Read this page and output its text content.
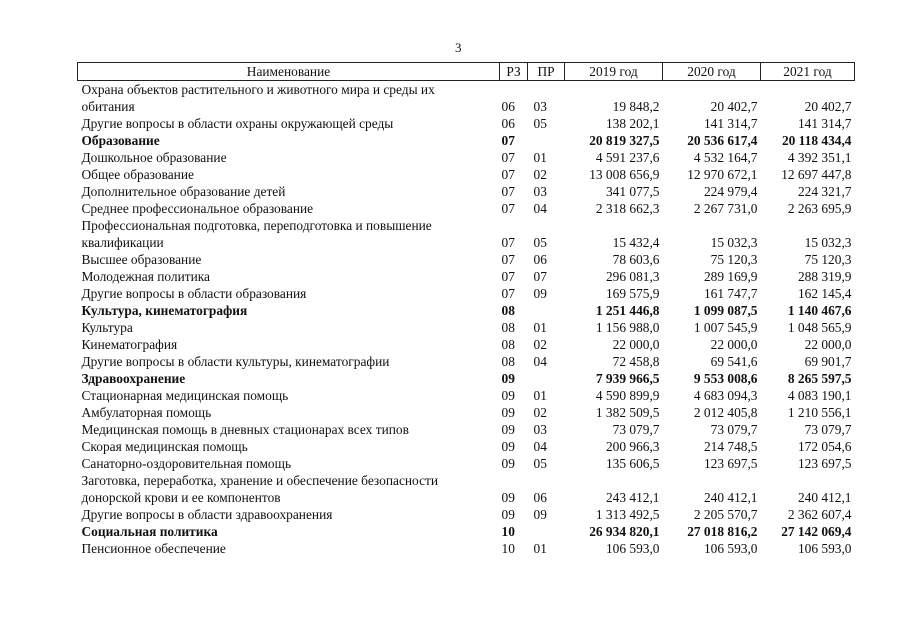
3
Наименование	РЗ	ПР	2019 год	2020 год	2021 год

Охрана объектов растительного и животного мира и среды их
обитания	06	03	19 848,2	20 402,7	20 402,7

Другие вопросы в области охраны окружающей среды	06	05	138 202,1	141 314,7	141 314,7

Образование	07		20 819 327,5	20 536 617,4	20 118 434,4

Дошкольное образование	07	01	4 591 237,6	4 532 164,7	4 392 351,1

Общее образование	07	02	13 008 656,9	12 970 672,1	12 697 447,8

Дополнительное образование детей	07	03	341 077,5	224 979,4	224 321,7

Среднее профессиональное образование	07	04	2 318 662,3	2 267 731,0	2 263 695,9

Профессиональная подготовка, переподготовка и повышение
квалификации	07	05	15 432,4	15 032,3	15 032,3

Высшее образование	07	06	78 603,6	75 120,3	75 120,3

Молодежная политика	07	07	296 081,3	289 169,9	288 319,9

Другие вопросы в области образования	07	09	169 575,9	161 747,7	162 145,4

Культура, кинематография	08		1 251 446,8	1 099 087,5	1 140 467,6

Культура	08	01	1 156 988,0	1 007 545,9	1 048 565,9

Кинематография	08	02	22 000,0	22 000,0	22 000,0

Другие вопросы в области культуры, кинематографии	08	04	72 458,8	69 541,6	69 901,7

Здравоохранение	09		7 939 966,5	9 553 008,6	8 265 597,5

Стационарная медицинская помощь	09	01	4 590 899,9	4 683 094,3	4 083 190,1

Амбулаторная помощь	09	02	1 382 509,5	2 012 405,8	1 210 556,1

Медицинская помощь в дневных стационарах всех типов	09	03	73 079,7	73 079,7	73 079,7

Скорая медицинская помощь	09	04	200 966,3	214 748,5	172 054,6

Санаторно-оздоровительная помощь	09	05	135 606,5	123 697,5	123 697,5

Заготовка, переработка, хранение и обеспечение безопасности
донорской крови и ее компонентов	09	06	243 412,1	240 412,1	240 412,1

Другие вопросы в области здравоохранения	09	09	1 313 492,5	2 205 570,7	2 362 607,4

Социальная политика	10		26 934 820,1	27 018 816,2	27 142 069,4

Пенсионное обеспечение	10	01	106 593,0	106 593,0	106 593,0
